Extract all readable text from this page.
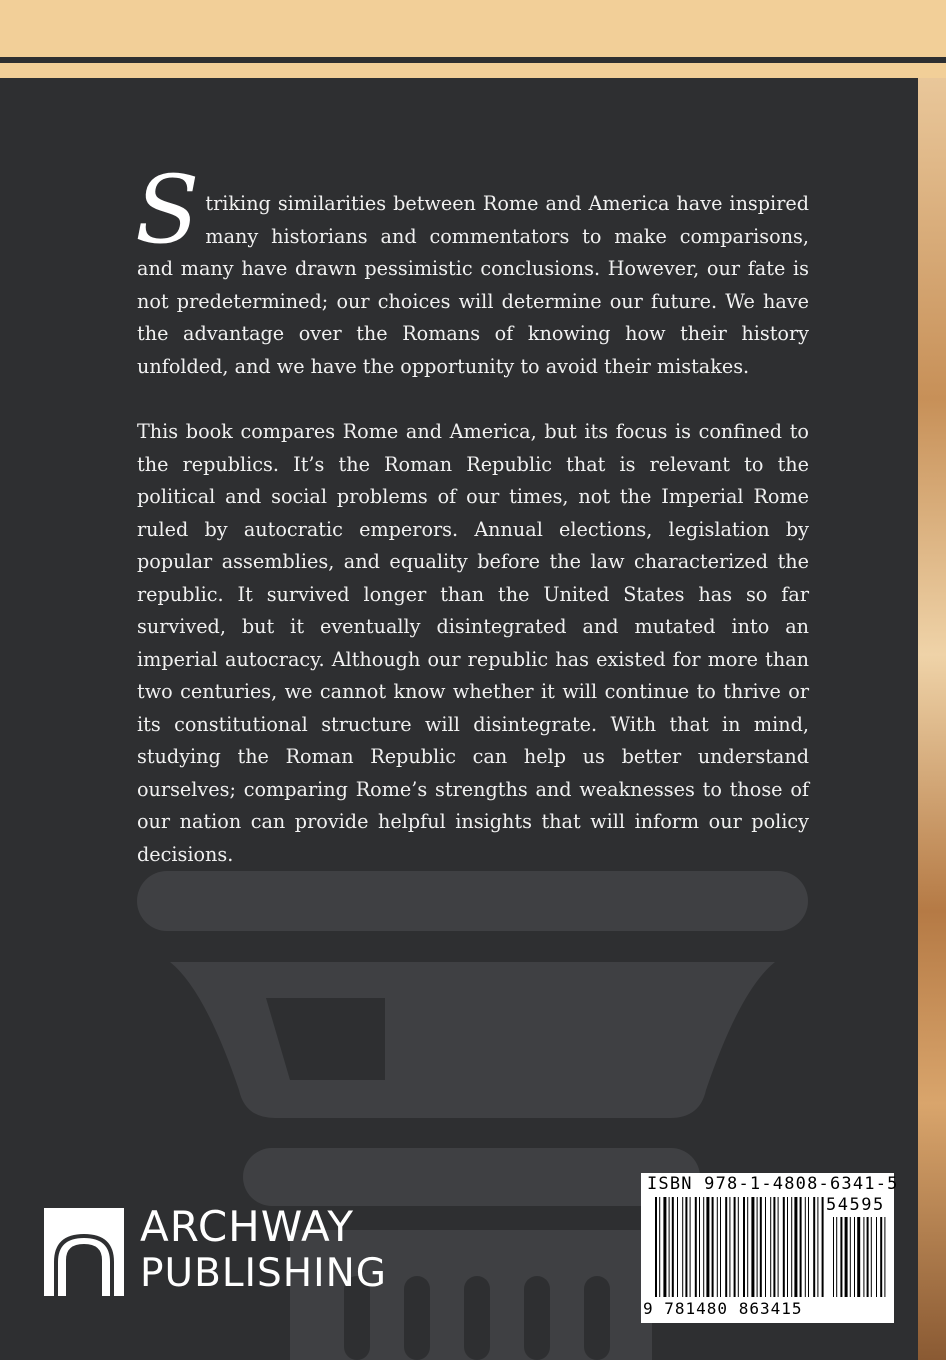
Striking similarities between Rome and America have inspired many historians and commentators to make comparisons, and many have drawn pessimistic conclusions. However, our fate is not predetermined; our choices will determine our future. We have the advantage over the Romans of knowing how their history unfolded, and we have the opportunity to avoid their mistakes.

This book compares Rome and America, but its focus is confined to the republics. It’s the Roman Republic that is relevant to the political and social problems of our times, not the Imperial Rome ruled by autocratic emperors. Annual elections, legislation by popular assemblies, and equality before the law characterized the republic. It survived longer than the United States has so far survived, but it eventually disintegrated and mutated into an imperial autocracy. Although our republic has existed for more than two centuries, we cannot know whether it will continue to thrive or its constitutional structure will disintegrate. With that in mind, studying the Roman Republic can help us better understand ourselves; comparing Rome’s strengths and weaknesses to those of our nation can provide helpful insights that will inform our policy decisions.

ARCHWAY
PUBLISHING
ISBN 978-1-4808-6341-5
54595
9 781480 863415
